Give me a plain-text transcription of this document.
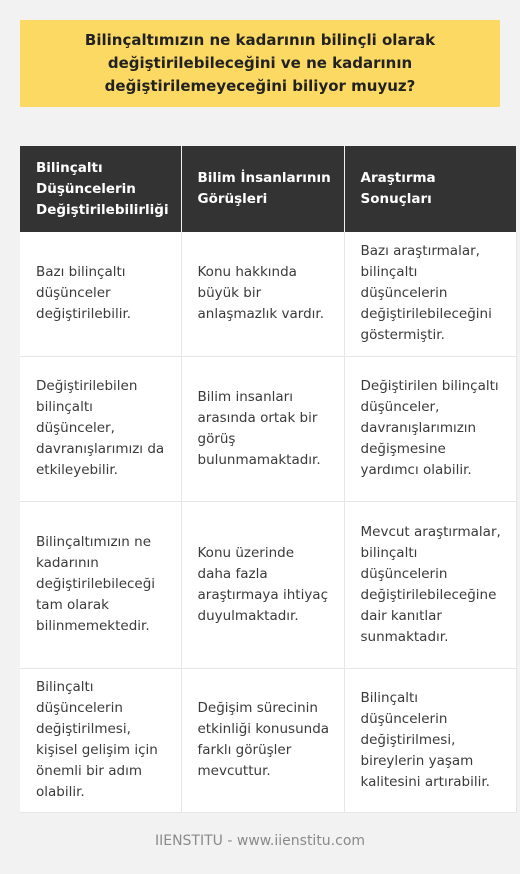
Bilinçaltımızın ne kadarının bilinçli olarak değiştirilebileceğini ve ne kadarının değiştirilemeyeceğini biliyor muyuz?
Bilinçaltı Düşüncelerin Değiştirilebilirliği	Bilim İnsanlarının Görüşleri	Araştırma Sonuçları
Bazı bilinçaltı düşünceler değiştirilebilir.	Konu hakkında büyük bir anlaşmazlık vardır.	Bazı araştırmalar, bilinçaltı düşüncelerin değiştirilebileceğini göstermiştir.
Değiştirilebilen bilinçaltı düşünceler, davranışlarımızı da etkileyebilir.	Bilim insanları arasında ortak bir görüş bulunmamaktadır.	Değiştirilen bilinçaltı düşünceler, davranışlarımızın değişmesine yardımcı olabilir.
Bilinçaltımızın ne kadarının değiştirilebileceği tam olarak bilinmemektedir.	Konu üzerinde daha fazla araştırmaya ihtiyaç duyulmaktadır.	Mevcut araştırmalar, bilinçaltı düşüncelerin değiştirilebileceğine dair kanıtlar sunmaktadır.
Bilinçaltı düşüncelerin değiştirilmesi, kişisel gelişim için önemli bir adım olabilir.	Değişim sürecinin etkinliği konusunda farklı görüşler mevcuttur.	Bilinçaltı düşüncelerin değiştirilmesi, bireylerin yaşam kalitesini artırabilir.
IIENSTITU - www.iienstitu.com
